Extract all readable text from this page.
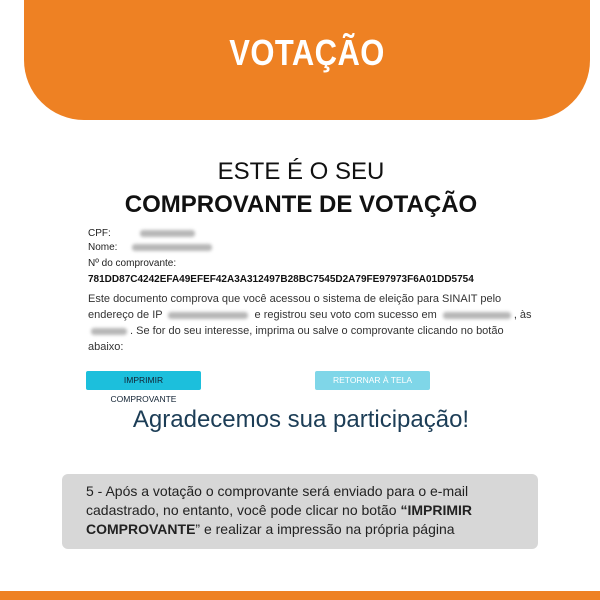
VOTAÇÃO
ESTE É O SEU
COMPROVANTE DE VOTAÇÃO
CPF:
Nome:
Nº do comprovante:
781DD87C4242EFA49EFEF42A3A312497B28BC7545D2A79FE97973F6A01DD5754
Este documento comprova que você acessou o sistema de eleição para SINAIT pelo endereço de IP	e registrou seu voto com sucesso em	, às . Se for do seu interesse, imprima ou salve o comprovante clicando no botão abaixo:
IMPRIMIR COMPROVANTE
RETORNAR À TELA INICIAL
Agradecemos sua participação!
5 - Após a votação o comprovante será enviado para o e-mail cadastrado, no entanto, você pode clicar no botão “IMPRIMIR COMPROVANTE” e realizar a impressão na própria página
